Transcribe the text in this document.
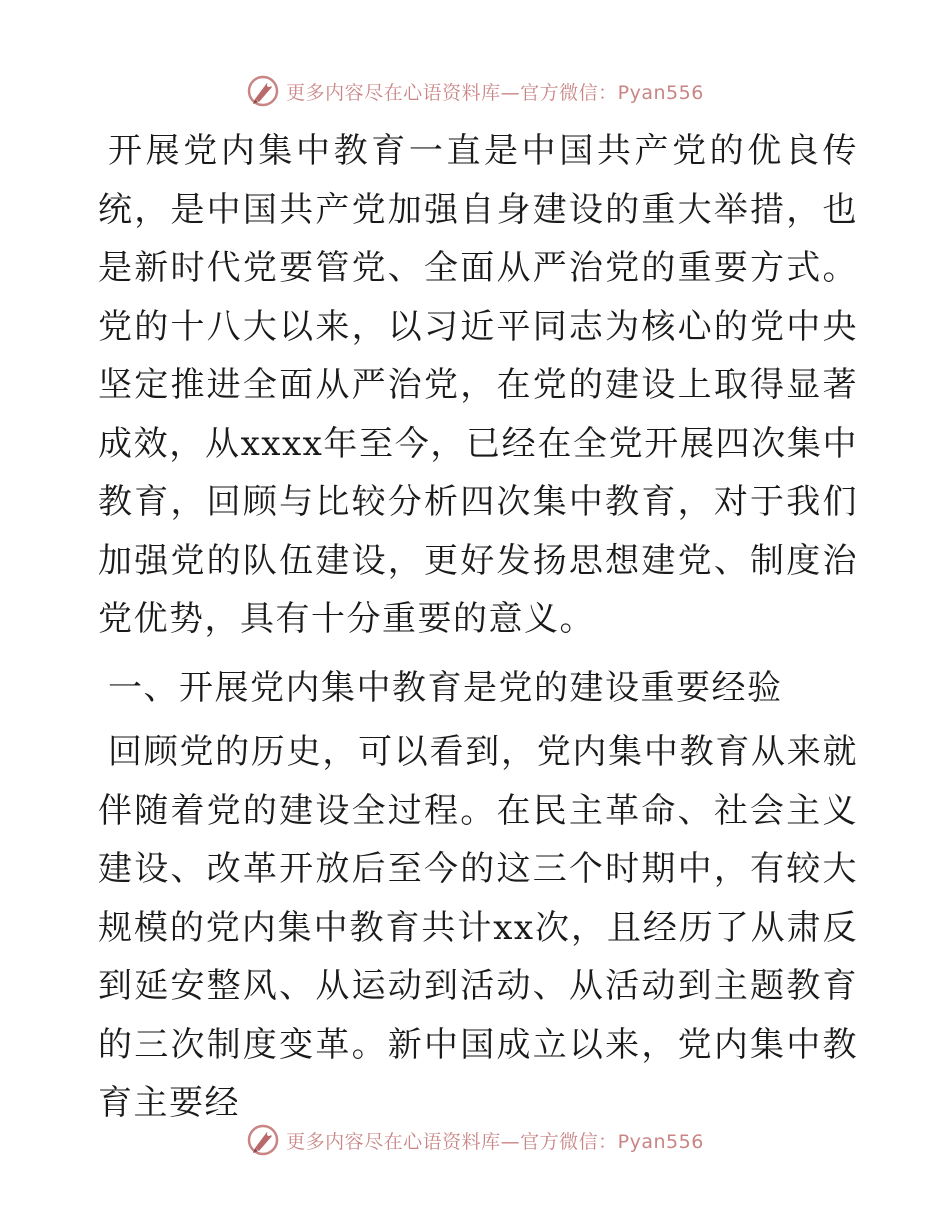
更多内容尽在心语资料库—官方微信：Pyan556

开展党内集中教育一直是中国共产党的优良传统，是中国共产党加强自身建设的重大举措，也是新时代党要管党、全面从严治党的重要方式。党的十八大以来，以习近平同志为核心的党中央坚定推进全面从严治党，在党的建设上取得显著成效，从xxxx年至今，已经在全党开展四次集中教育，回顾与比较分析四次集中教育，对于我们加强党的队伍建设，更好发扬思想建党、制度治党优势，具有十分重要的意义。

一、开展党内集中教育是党的建设重要经验

回顾党的历史，可以看到，党内集中教育从来就伴随着党的建设全过程。在民主革命、社会主义建设、改革开放后至今的这三个时期中，有较大规模的党内集中教育共计xx次，且经历了从肃反到延安整风、从运动到活动、从活动到主题教育的三次制度变革。新中国成立以来，党内集中教育主要经

更多内容尽在心语资料库—官方微信：Pyan556
